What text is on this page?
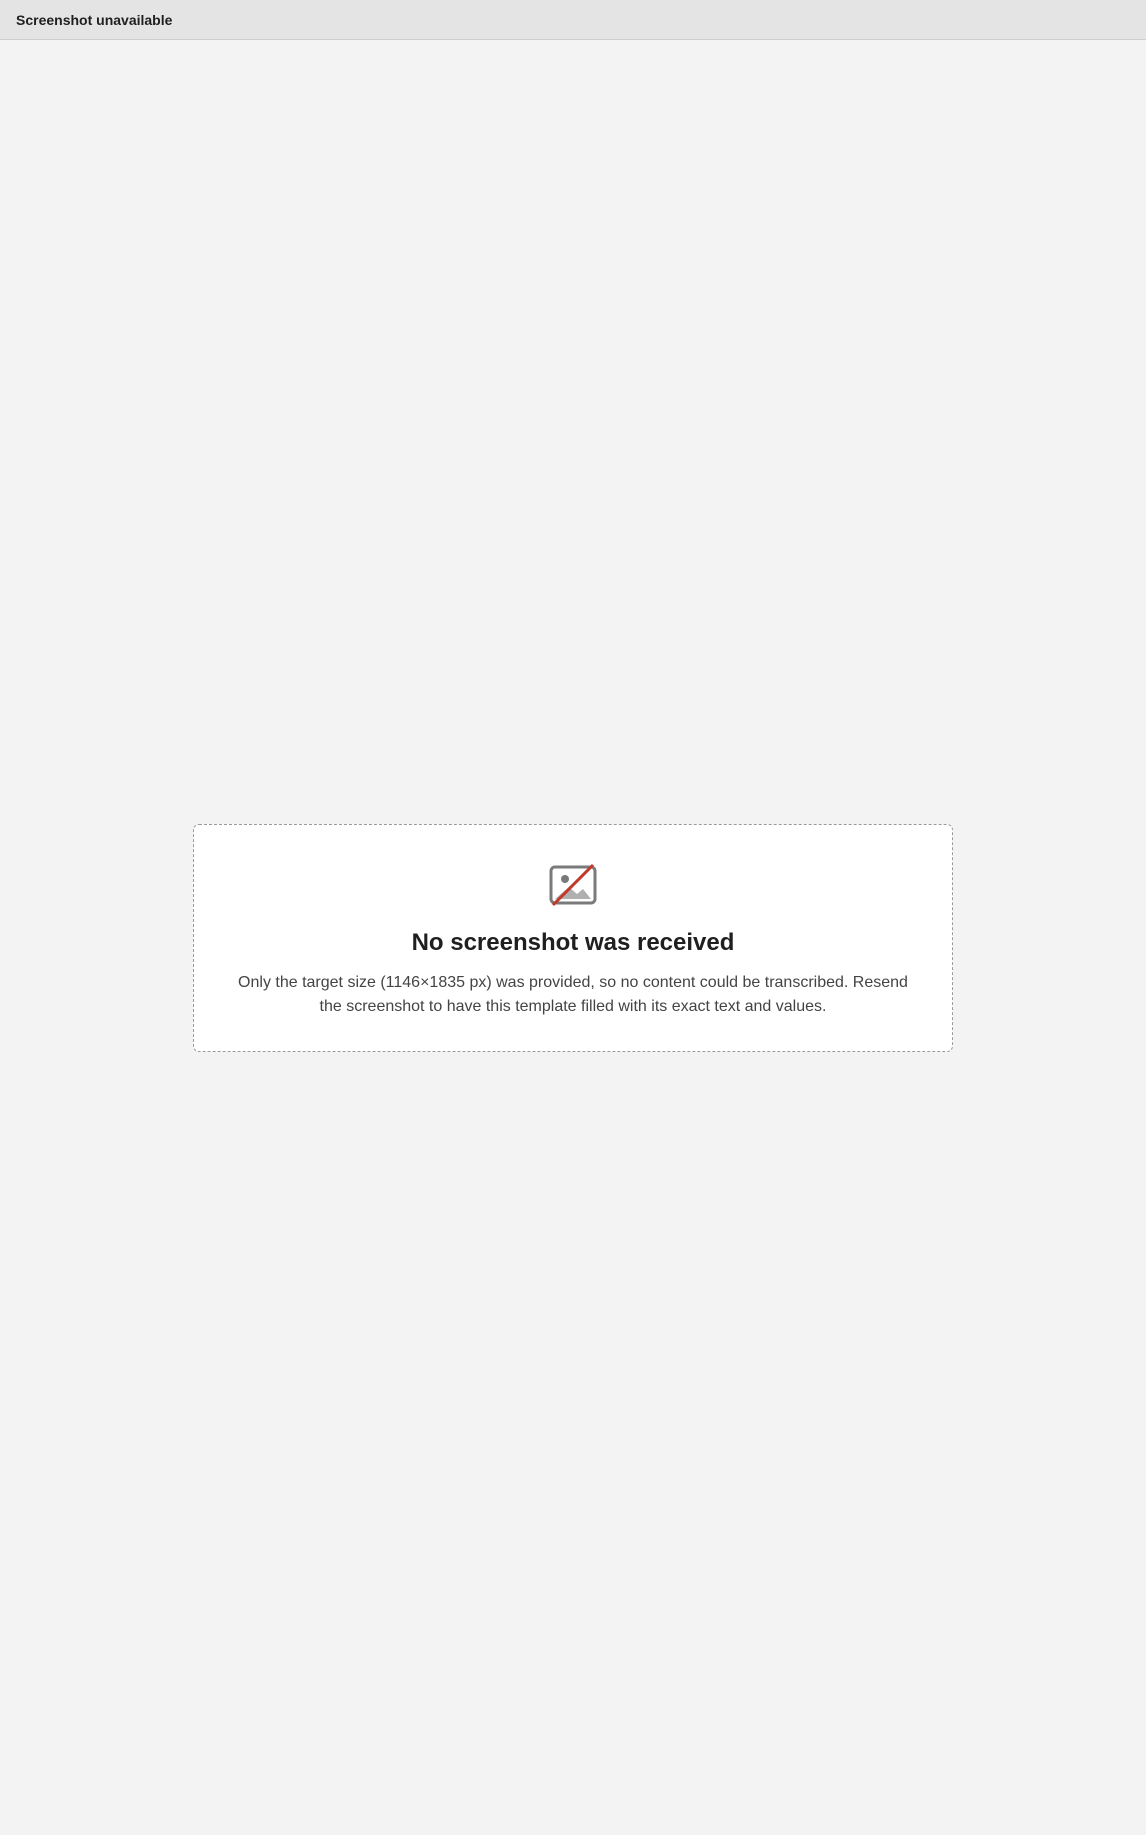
Screenshot unavailable
No screenshot was received

Only the target size (1146×1835 px) was provided, so no content could be transcribed. Resend the screenshot to have this template filled with its exact text and values.
